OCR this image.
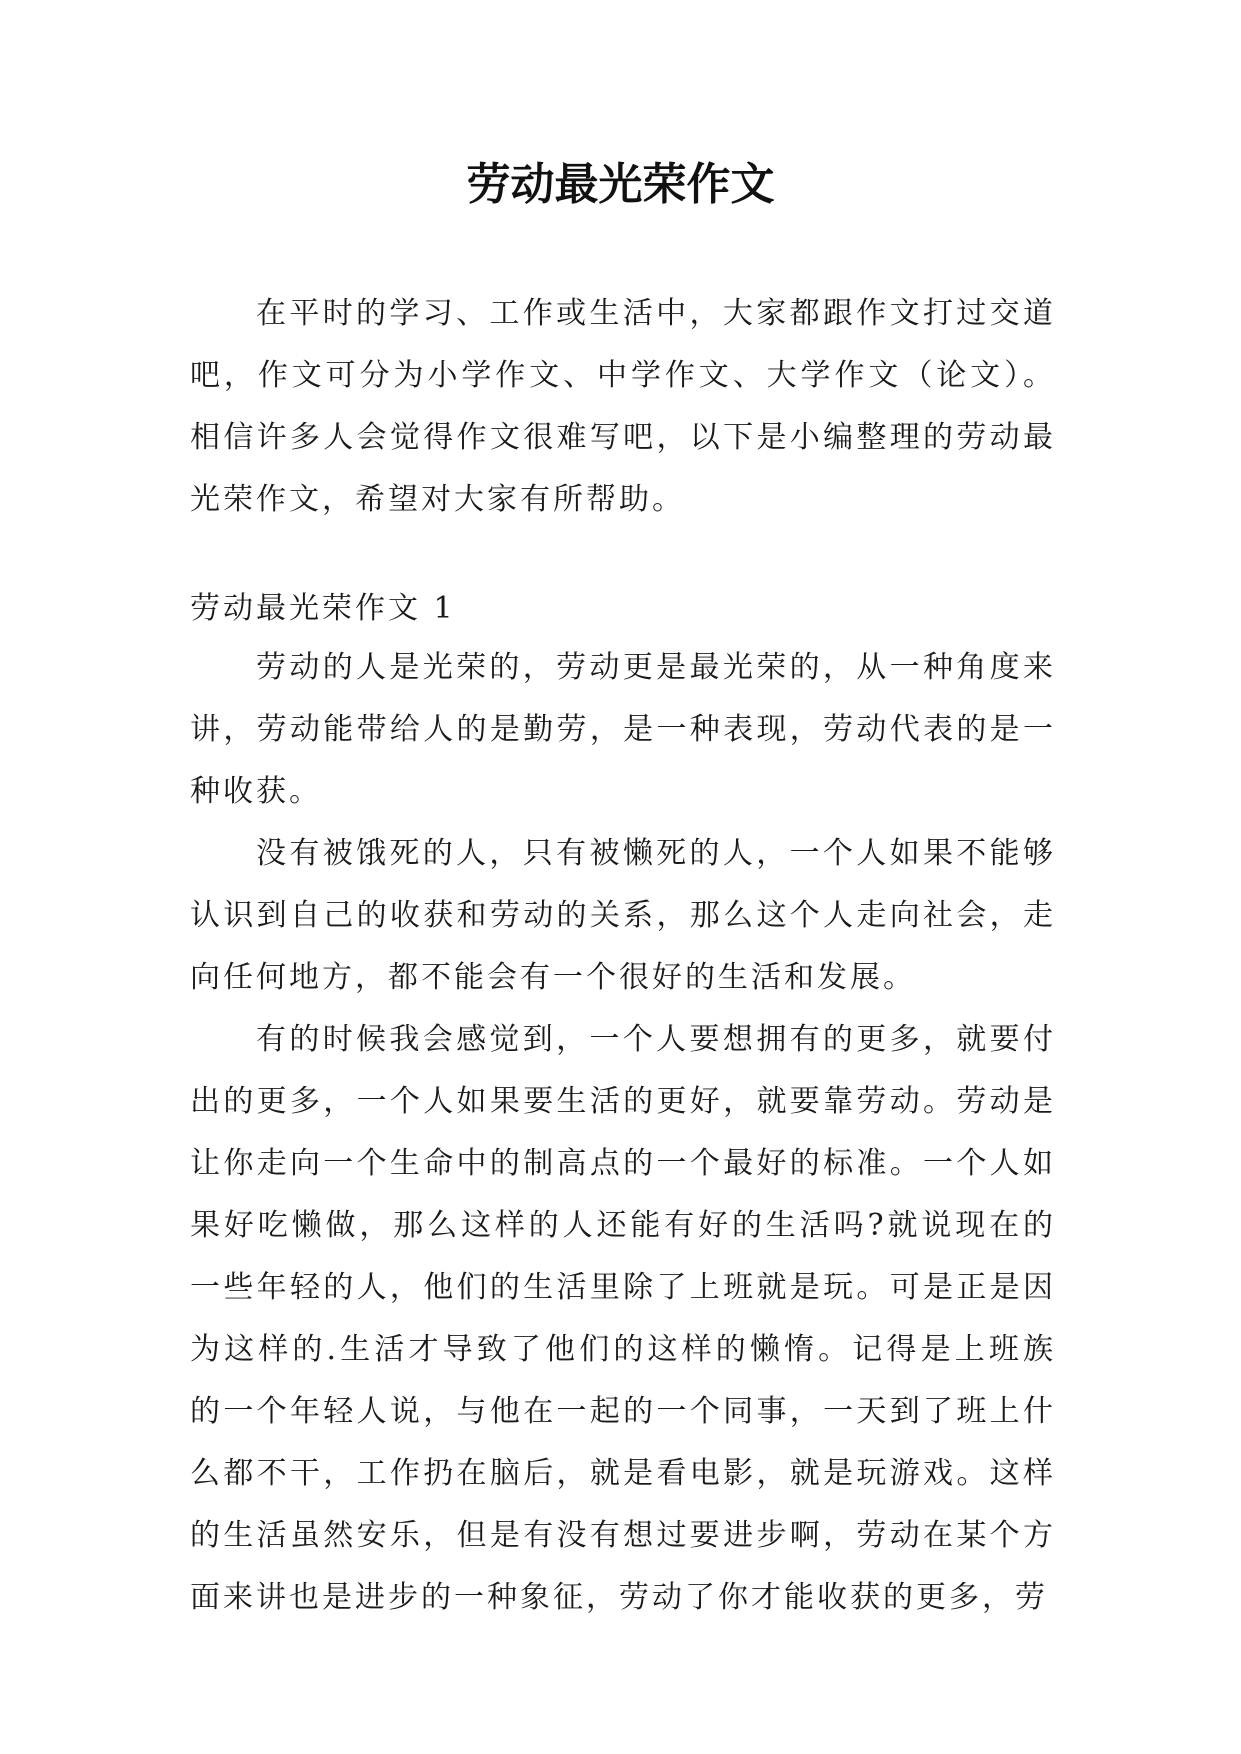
劳动最光荣作文

在平时的学习、工作或生活中，大家都跟作文打过交道吧，作文可分为小学作文、中学作文、大学作文（论文）。相信许多人会觉得作文很难写吧，以下是小编整理的劳动最光荣作文，希望对大家有所帮助。

劳动最光荣作文 1

劳动的人是光荣的，劳动更是最光荣的，从一种角度来讲，劳动能带给人的是勤劳，是一种表现，劳动代表的是一种收获。

没有被饿死的人，只有被懒死的人，一个人如果不能够认识到自己的收获和劳动的关系，那么这个人走向社会，走向任何地方，都不能会有一个很好的生活和发展。

有的时候我会感觉到，一个人要想拥有的更多，就要付出的更多，一个人如果要生活的更好，就要靠劳动。劳动是让你走向一个生命中的制高点的一个最好的标准。一个人如果好吃懒做，那么这样的人还能有好的生活吗?就说现在的一些年轻的人，他们的生活里除了上班就是玩。可是正是因为这样的.生活才导致了他们的这样的懒惰。记得是上班族的一个年轻人说，与他在一起的一个同事，一天到了班上什么都不干，工作扔在脑后，就是看电影，就是玩游戏。这样的生活虽然安乐，但是有没有想过要进步啊，劳动在某个方面来讲也是进步的一种象征，劳动了你才能收获的更多，劳
